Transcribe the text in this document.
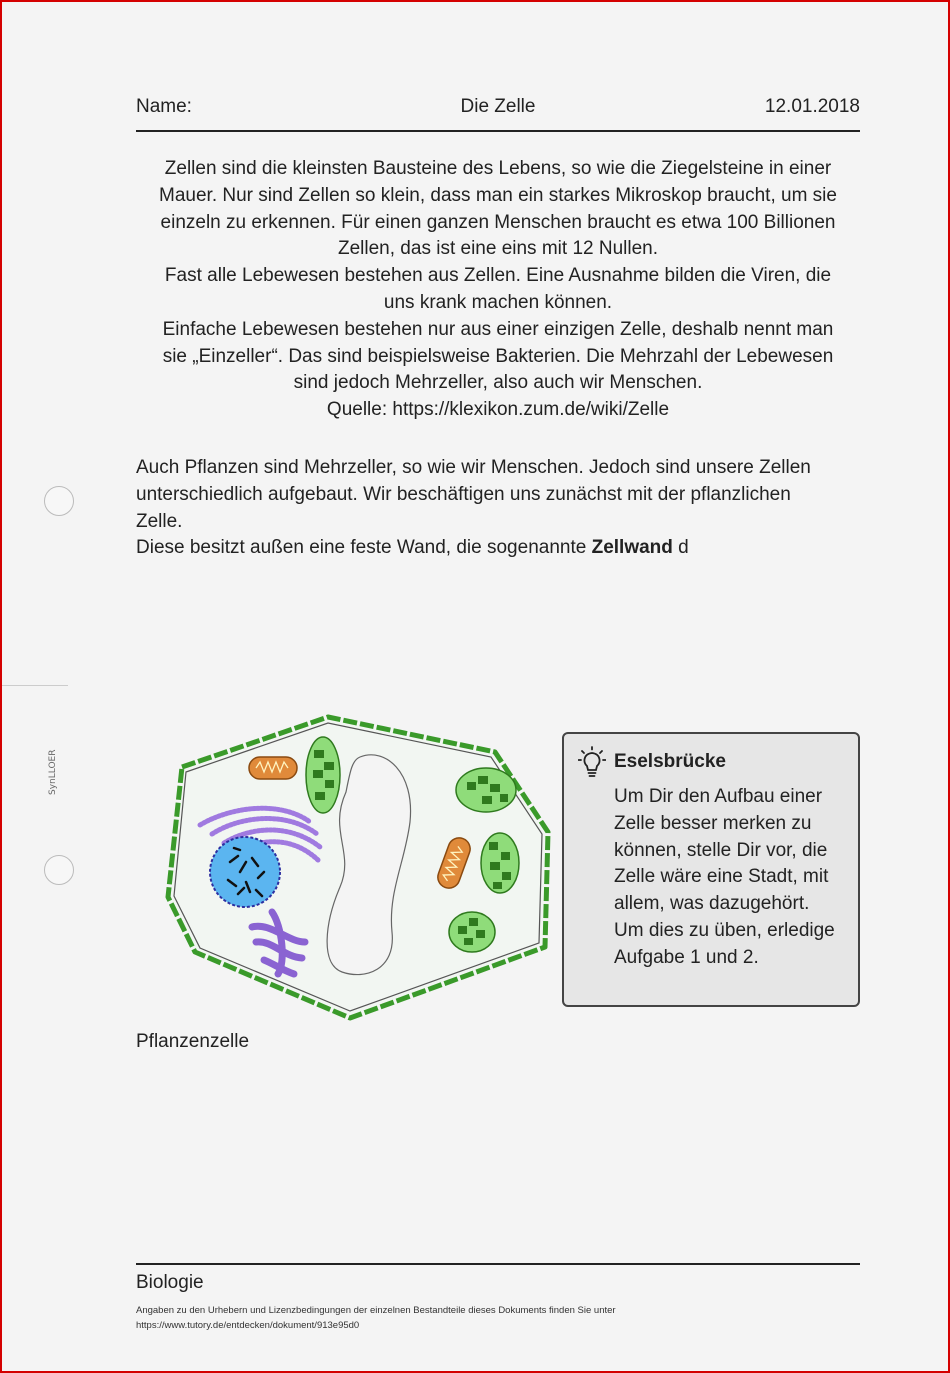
Name:	Die Zelle	12.01.2018

Zellen sind die kleinsten Bausteine des Lebens, so wie die Ziegelsteine in einer

Mauer. Nur sind Zellen so klein, dass man ein starkes Mikroskop braucht, um sie

einzeln zu erkennen. Für einen ganzen Menschen braucht es etwa 100 Billionen

Zellen, das ist eine eins mit 12 Nullen.

Fast alle Lebewesen bestehen aus Zellen. Eine Ausnahme bilden die Viren, die

uns krank machen können.

Einfache Lebewesen bestehen nur aus einer einzigen Zelle, deshalb nennt man

sie „Einzeller“. Das sind beispielsweise Bakterien. Die Mehrzahl der Lebewesen

sind jedoch Mehrzeller, also auch wir Menschen.

Quelle: https://klexikon.zum.de/wiki/Zelle

Auch Pflanzen sind Mehrzeller, so wie wir Menschen. Jedoch sind unsere Zellen

unterschiedlich aufgebaut. Wir beschäftigen uns zunächst mit der pflanzlichen

Zelle.

Diese besitzt außen eine feste Wand, die sogenannte Zellwand d

SynLLOER
Pflanzenzelle
Eselsbrücke
Um Dir den Aufbau einer
Zelle besser merken zu
können, stelle Dir vor, die
Zelle wäre eine Stadt, mit
allem, was dazugehört.
Um dies zu üben, erledige
Aufgabe 1 und 2.
Biologie

Angaben zu den Urhebern und Lizenzbedingungen der einzelnen Bestandteile dieses Dokuments finden Sie unter

https://www.tutory.de/entdecken/dokument/913e95d0
